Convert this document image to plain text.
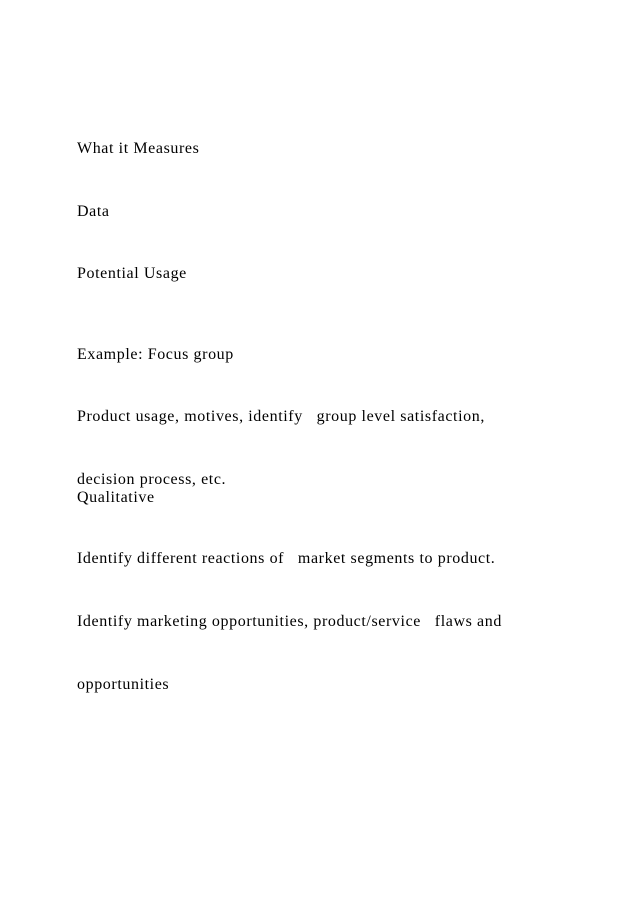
What it Measures

Data

Potential Usage

Example: Focus group

Product usage, motives, identify   group level satisfaction,

decision process, etc.

Qualitative

Identify different reactions of   market segments to product.

Identify marketing opportunities, product/service   flaws and

opportunities
